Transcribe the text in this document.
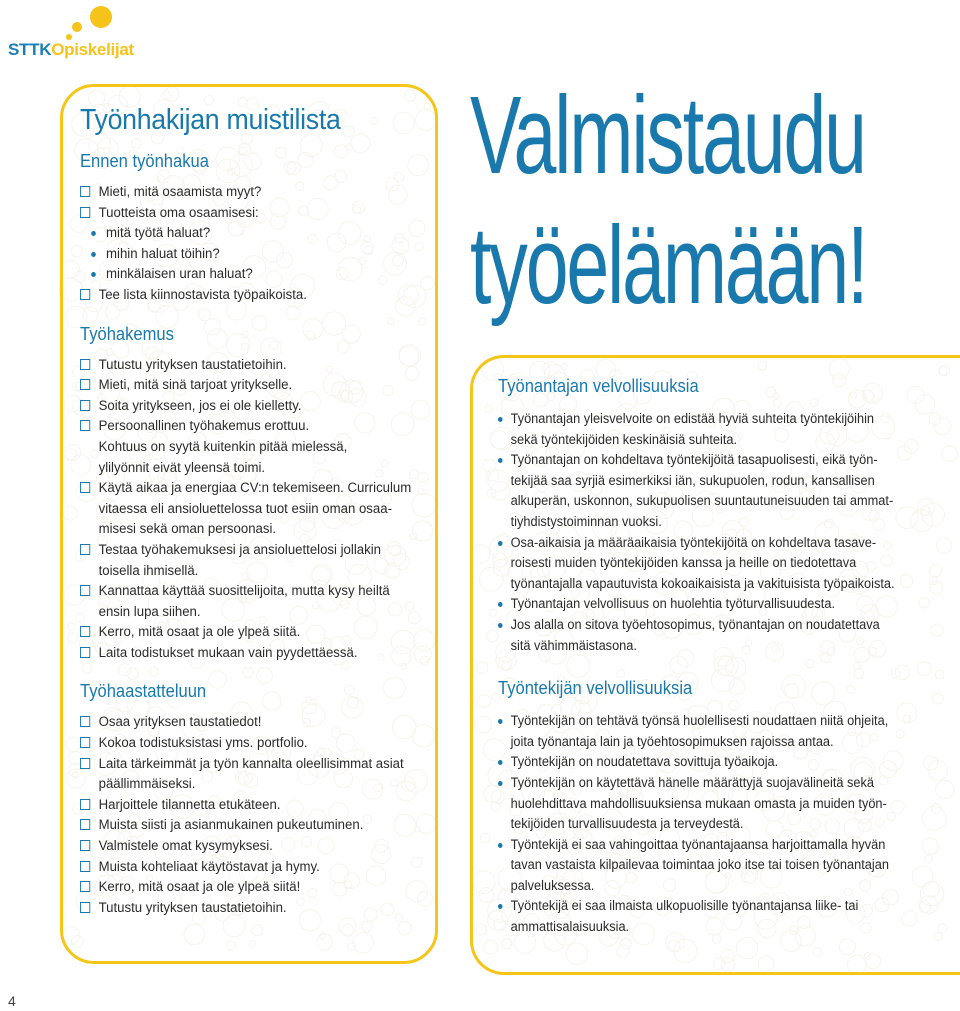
STTKOpiskelijat
Työnhakijan muistilista
Ennen työnhakua
Mieti, mitä osaamista myyt?
Tuotteista oma osaamisesi:
mitä työtä haluat?
mihin haluat töihin?
minkälaisen uran haluat?
Tee lista kiinnostavista työpaikoista.
Työhakemus
Tutustu yrityksen taustatietoihin.
Mieti, mitä sinä tarjoat yritykselle.
Soita yritykseen, jos ei ole kielletty.
Persoonallinen työhakemus erottuu.
Kohtuus on syytä kuitenkin pitää mielessä,
ylilyönnit eivät yleensä toimi.
Käytä aikaa ja energiaa CV:n tekemiseen. Curriculum
vitaessa eli ansioluettelossa tuot esiin oman osaa-
misesi sekä oman persoonasi.
Testaa työhakemuksesi ja ansioluettelosi jollakin
toisella ihmisellä.
Kannattaa käyttää suosittelijoita, mutta kysy heiltä
ensin lupa siihen.
Kerro, mitä osaat ja ole ylpeä siitä.
Laita todistukset mukaan vain pyydettäessä.
Työhaastatteluun
Osaa yrityksen taustatiedot!
Kokoa todistuksistasi yms. portfolio.
Laita tärkeimmät ja työn kannalta oleellisimmat asiat
päällimmäiseksi.
Harjoittele tilannetta etukäteen.
Muista siisti ja asianmukainen pukeutuminen.
Valmistele omat kysymyksesi.
Muista kohteliaat käytöstavat ja hymy.
Kerro, mitä osaat ja ole ylpeä siitä!
Tutustu yrityksen taustatietoihin.
Valmistaudu
työelämään!
Työnantajan velvollisuuksia
Työnantajan yleisvelvoite on edistää hyviä suhteita työntekijöihin
sekä työntekijöiden keskinäisiä suhteita.
Työnantajan on kohdeltava työntekijöitä tasapuolisesti, eikä työn-
tekijää saa syrjiä esimerkiksi iän, sukupuolen, rodun, kansallisen
alkuperän, uskonnon, sukupuolisen suuntautuneisuuden tai ammat-
tiyhdistystoiminnan vuoksi.
Osa-aikaisia ja määräaikaisia työntekijöitä on kohdeltava tasave-
roisesti muiden työntekijöiden kanssa ja heille on tiedotettava
työnantajalla vapautuvista kokoaikaisista ja vakituisista työpaikoista.
Työnantajan velvollisuus on huolehtia työturvallisuudesta.
Jos alalla on sitova työehtosopimus, työnantajan on noudatettava
sitä vähimmäistasona.
Työntekijän velvollisuuksia
Työntekijän on tehtävä työnsä huolellisesti noudattaen niitä ohjeita,
joita työnantaja lain ja työehtosopimuksen rajoissa antaa.
Työntekijän on noudatettava sovittuja työaikoja.
Työntekijän on käytettävä hänelle määrättyjä suojavälineitä sekä
huolehdittava mahdollisuuksiensa mukaan omasta ja muiden työn-
tekijöiden turvallisuudesta ja terveydestä.
Työntekijä ei saa vahingoittaa työnantajaansa harjoittamalla hyvän
tavan vastaista kilpailevaa toimintaa joko itse tai toisen työnantajan
palveluksessa.
Työntekijä ei saa ilmaista ulkopuolisille työnantajansa liike- tai
ammattisalaisuuksia.
4
